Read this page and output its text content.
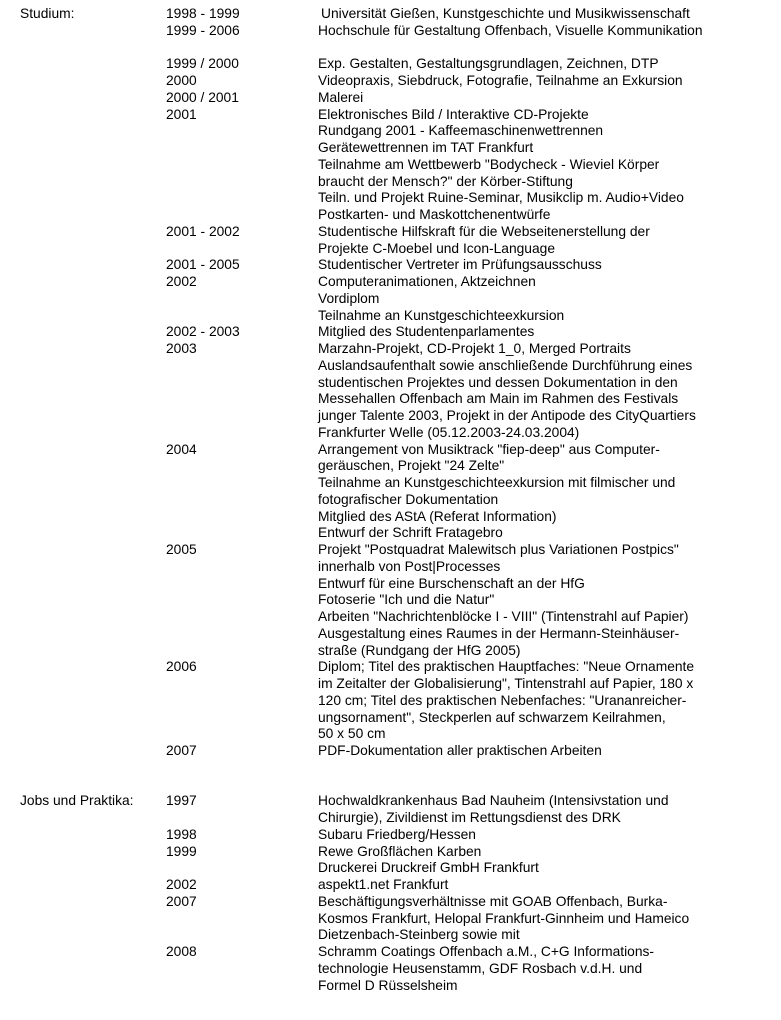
Studium:	1998 - 1999	Universität Gießen, Kunstgeschichte und Musikwissenschaft
1999 - 2006	Hochschule für Gestaltung Offenbach, Visuelle Kommunikation
1999 / 2000	Exp. Gestalten, Gestaltungsgrundlagen, Zeichnen, DTP
2000	Videopraxis, Siebdruck, Fotografie, Teilnahme an Exkursion
2000 / 2001	Malerei
2001	Elektronisches Bild / Interaktive CD-Projekte
Rundgang 2001 - Kaffeemaschinenwettrennen
Gerätewettrennen im TAT Frankfurt
Teilnahme am Wettbewerb "Bodycheck - Wieviel Körper
braucht der Mensch?" der Körber-Stiftung
Teiln. und Projekt Ruine-Seminar, Musikclip m. Audio+Video
Postkarten- und Maskottchenentwürfe
2001 - 2002	Studentische Hilfskraft für die Webseitenerstellung der
Projekte C-Moebel und Icon-Language
2001 - 2005	Studentischer Vertreter im Prüfungsausschuss
2002	Computeranimationen, Aktzeichnen
Vordiplom
Teilnahme an Kunstgeschichteexkursion
2002 - 2003	Mitglied des Studentenparlamentes
2003	Marzahn-Projekt, CD-Projekt 1_0, Merged Portraits
Auslandsaufenthalt sowie anschließende Durchführung eines
studentischen Projektes und dessen Dokumentation in den
Messehallen Offenbach am Main im Rahmen des Festivals
junger Talente 2003, Projekt in der Antipode des CityQuartiers
Frankfurter Welle (05.12.2003-24.03.2004)
2004	Arrangement von Musiktrack "fiep-deep" aus Computer-
geräuschen, Projekt "24 Zelte"
Teilnahme an Kunstgeschichteexkursion mit filmischer und
fotografischer Dokumentation
Mitglied des AStA (Referat Information)
Entwurf der Schrift Fratagebro
2005	Projekt "Postquadrat Malewitsch plus Variationen Postpics"
innerhalb von Post|Processes
Entwurf für eine Burschenschaft an der HfG
Fotoserie "Ich und die Natur"
Arbeiten "Nachrichtenblöcke I - VIII" (Tintenstrahl auf Papier)
Ausgestaltung eines Raumes in der Hermann-Steinhäuser-
straße (Rundgang der HfG 2005)
2006	Diplom; Titel des praktischen Hauptfaches: "Neue Ornamente
im Zeitalter der Globalisierung", Tintenstrahl auf Papier, 180 x
120 cm; Titel des praktischen Nebenfaches: "Urananreicher-
ungsornament", Steckperlen auf schwarzem Keilrahmen,
50 x 50 cm
2007	PDF-Dokumentation aller praktischen Arbeiten
Jobs und Praktika:	1997	Hochwaldkrankenhaus Bad Nauheim (Intensivstation und
Chirurgie), Zivildienst im Rettungsdienst des DRK
1998	Subaru Friedberg/Hessen
1999	Rewe Großflächen Karben
Druckerei Druckreif GmbH Frankfurt
2002	aspekt1.net Frankfurt
2007	Beschäftigungsverhältnisse mit GOAB Offenbach, Burka-
Kosmos Frankfurt, Helopal Frankfurt-Ginnheim und Hameico
Dietzenbach-Steinberg sowie mit
2008	Schramm Coatings Offenbach a.M., C+G Informations-
technologie Heusenstamm, GDF Rosbach v.d.H. und
Formel D Rüsselsheim
